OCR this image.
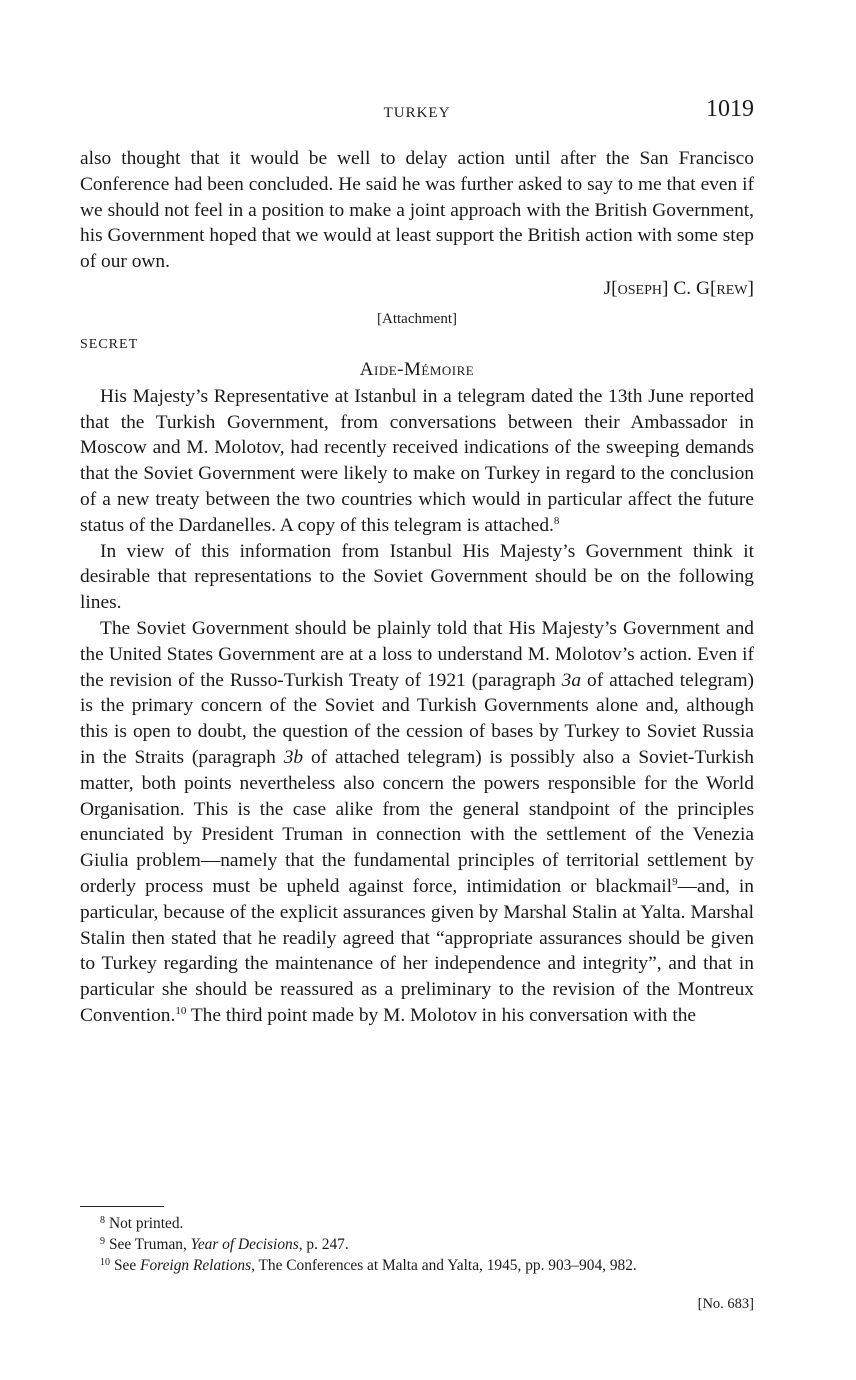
TURKEY	1019

also thought that it would be well to delay action until after the San Francisco Conference had been concluded. He said he was further asked to say to me that even if we should not feel in a position to make a joint approach with the British Government, his Government hoped that we would at least support the British action with some step of our own.

J[oseph] C. G[rew]
[Attachment]
SECRET
Aide-Mémoire

His Majesty’s Representative at Istanbul in a telegram dated the 13th June reported that the Turkish Government, from conversations between their Ambassador in Moscow and M. Molotov, had recently received indications of the sweeping demands that the Soviet Government were likely to make on Turkey in regard to the conclusion of a new treaty between the two countries which would in particular affect the future status of the Dardanelles. A copy of this telegram is attached.$^8$

In view of this information from Istanbul His Majesty’s Government think it desirable that representations to the Soviet Government should be on the following lines.

The Soviet Government should be plainly told that His Majesty’s Government and the United States Government are at a loss to understand M. Molotov’s action. Even if the revision of the Russo-Turkish Treaty of 1921 (paragraph 3a of attached telegram) is the primary concern of the Soviet and Turkish Governments alone and, although this is open to doubt, the question of the cession of bases by Turkey to Soviet Russia in the Straits (paragraph 3b of attached telegram) is possibly also a Soviet-Turkish matter, both points nevertheless also concern the powers responsible for the World Organisation. This is the case alike from the general standpoint of the principles enunciated by President Truman in connection with the settlement of the Venezia Giulia problem—namely that the fundamental principles of territorial settlement by orderly process must be upheld against force, intimidation or blackmail$^9$—and, in particular, because of the explicit assurances given by Marshal Stalin at Yalta. Marshal Stalin then stated that he readily agreed that “appropriate assurances should be given to Turkey regarding the maintenance of her independence and integrity”, and that in particular she should be reassured as a preliminary to the revision of the Montreux Convention.$^{10}$ The third point made by M. Molotov in his conversation with the

$^8$ Not printed.

$^9$ See Truman, Year of Decisions, p. 247.

$^{10}$ See Foreign Relations, The Conferences at Malta and Yalta, 1945, pp. 903–904, 982.

[No. 683]
